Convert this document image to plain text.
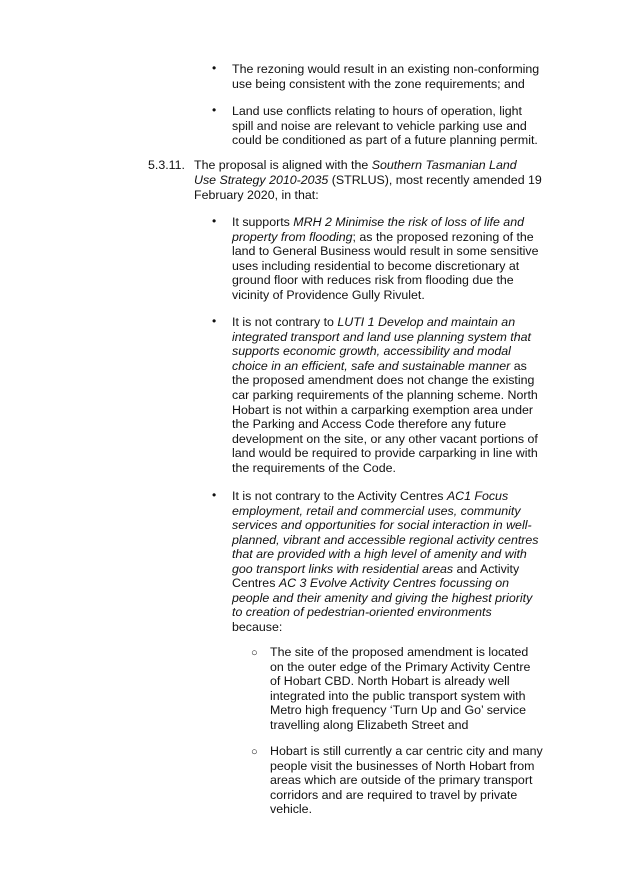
• The rezoning would result in an existing non-conforming
use being consistent with the zone requirements; and
• Land use conflicts relating to hours of operation, light
spill and noise are relevant to vehicle parking use and
could be conditioned as part of a future planning permit.
5.3.11. The proposal is aligned with the Southern Tasmanian Land
Use Strategy 2010-2035 (STRLUS), most recently amended 19
February 2020, in that:
• It supports MRH 2 Minimise the risk of loss of life and
property from flooding; as the proposed rezoning of the
land to General Business would result in some sensitive
uses including residential to become discretionary at
ground floor with reduces risk from flooding due the
vicinity of Providence Gully Rivulet.
• It is not contrary to LUTI 1 Develop and maintain an
integrated transport and land use planning system that
supports economic growth, accessibility and modal
choice in an efficient, safe and sustainable manner as
the proposed amendment does not change the existing
car parking requirements of the planning scheme. North
Hobart is not within a carparking exemption area under
the Parking and Access Code therefore any future
development on the site, or any other vacant portions of
land would be required to provide carparking in line with
the requirements of the Code.
• It is not contrary to the Activity Centres AC1 Focus
employment, retail and commercial uses, community
services and opportunities for social interaction in well-
planned, vibrant and accessible regional activity centres
that are provided with a high level of amenity and with
goo transport links with residential areas and Activity
Centres AC 3 Evolve Activity Centres focussing on
people and their amenity and giving the highest priority
to creation of pedestrian-oriented environments
because:
○ The site of the proposed amendment is located
on the outer edge of the Primary Activity Centre
of Hobart CBD. North Hobart is already well
integrated into the public transport system with
Metro high frequency ‘Turn Up and Go’ service
travelling along Elizabeth Street and
○ Hobart is still currently a car centric city and many
people visit the businesses of North Hobart from
areas which are outside of the primary transport
corridors and are required to travel by private
vehicle.
